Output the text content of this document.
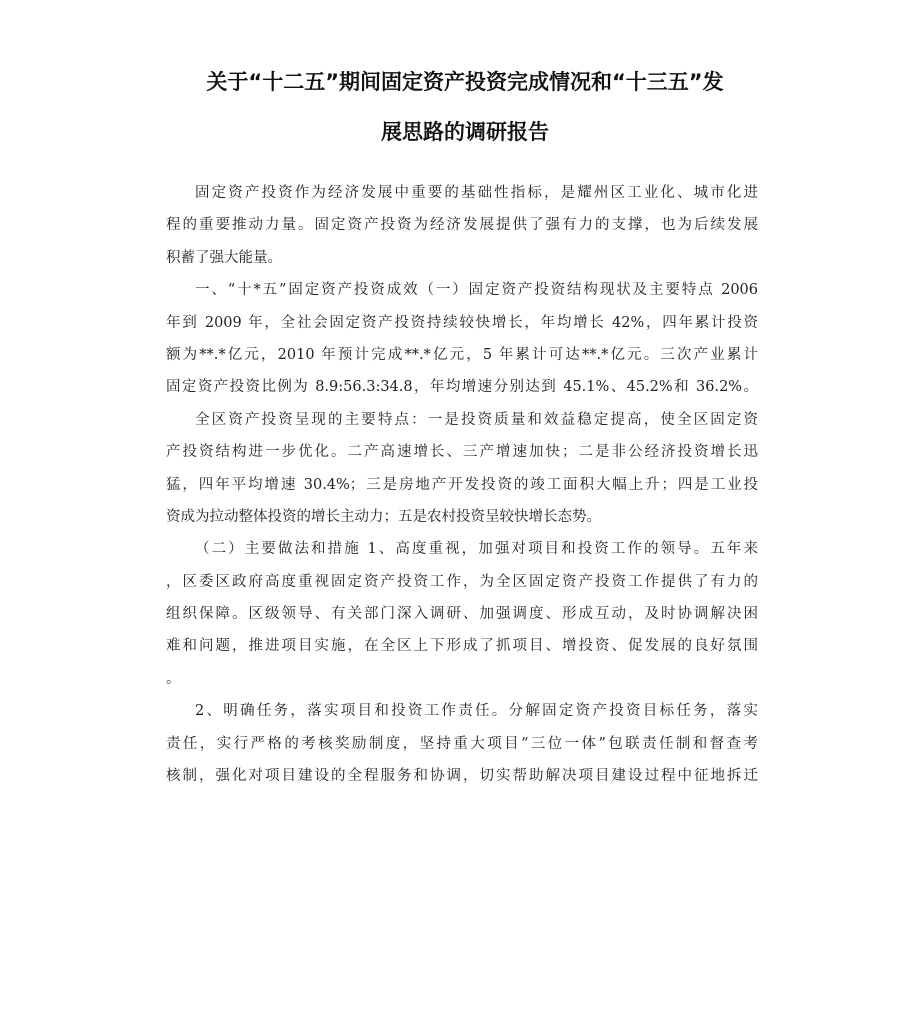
关于“十二五”期间固定资产投资完成情况和“十三五”发
展思路的调研报告
固定资产投资作为经济发展中重要的基础性指标，是耀州区工业化、城市化进
程的重要推动力量。固定资产投资为经济发展提供了强有力的支撑，也为后续发展
积蓄了强大能量。
一、“十*五”固定资产投资成效（一）固定资产投资结构现状及主要特点 2006
年到 2009 年，全社会固定资产投资持续较快增长，年均增长 42%，四年累计投资
额为**.*亿元，2010 年预计完成**.*亿元，5 年累计可达**.*亿元。三次产业累计
固定资产投资比例为 8.9:56.3:34.8，年均增速分别达到 45.1%、45.2%和 36.2%。
全区资产投资呈现的主要特点：一是投资质量和效益稳定提高，使全区固定资
产投资结构进一步优化。二产高速增长、三产增速加快；二是非公经济投资增长迅
猛，四年平均增速 30.4%；三是房地产开发投资的竣工面积大幅上升；四是工业投
资成为拉动整体投资的增长主动力；五是农村投资呈较快增长态势。
（二）主要做法和措施 1、高度重视，加强对项目和投资工作的领导。五年来
，区委区政府高度重视固定资产投资工作，为全区固定资产投资工作提供了有力的
组织保障。区级领导、有关部门深入调研、加强调度、形成互动，及时协调解决困
难和问题，推进项目实施，在全区上下形成了抓项目、增投资、促发展的良好氛围
。
2、明确任务，落实项目和投资工作责任。分解固定资产投资目标任务，落实
责任，实行严格的考核奖励制度，坚持重大项目“三位一体”包联责任制和督查考
核制，强化对项目建设的全程服务和协调，切实帮助解决项目建设过程中征地拆迁
